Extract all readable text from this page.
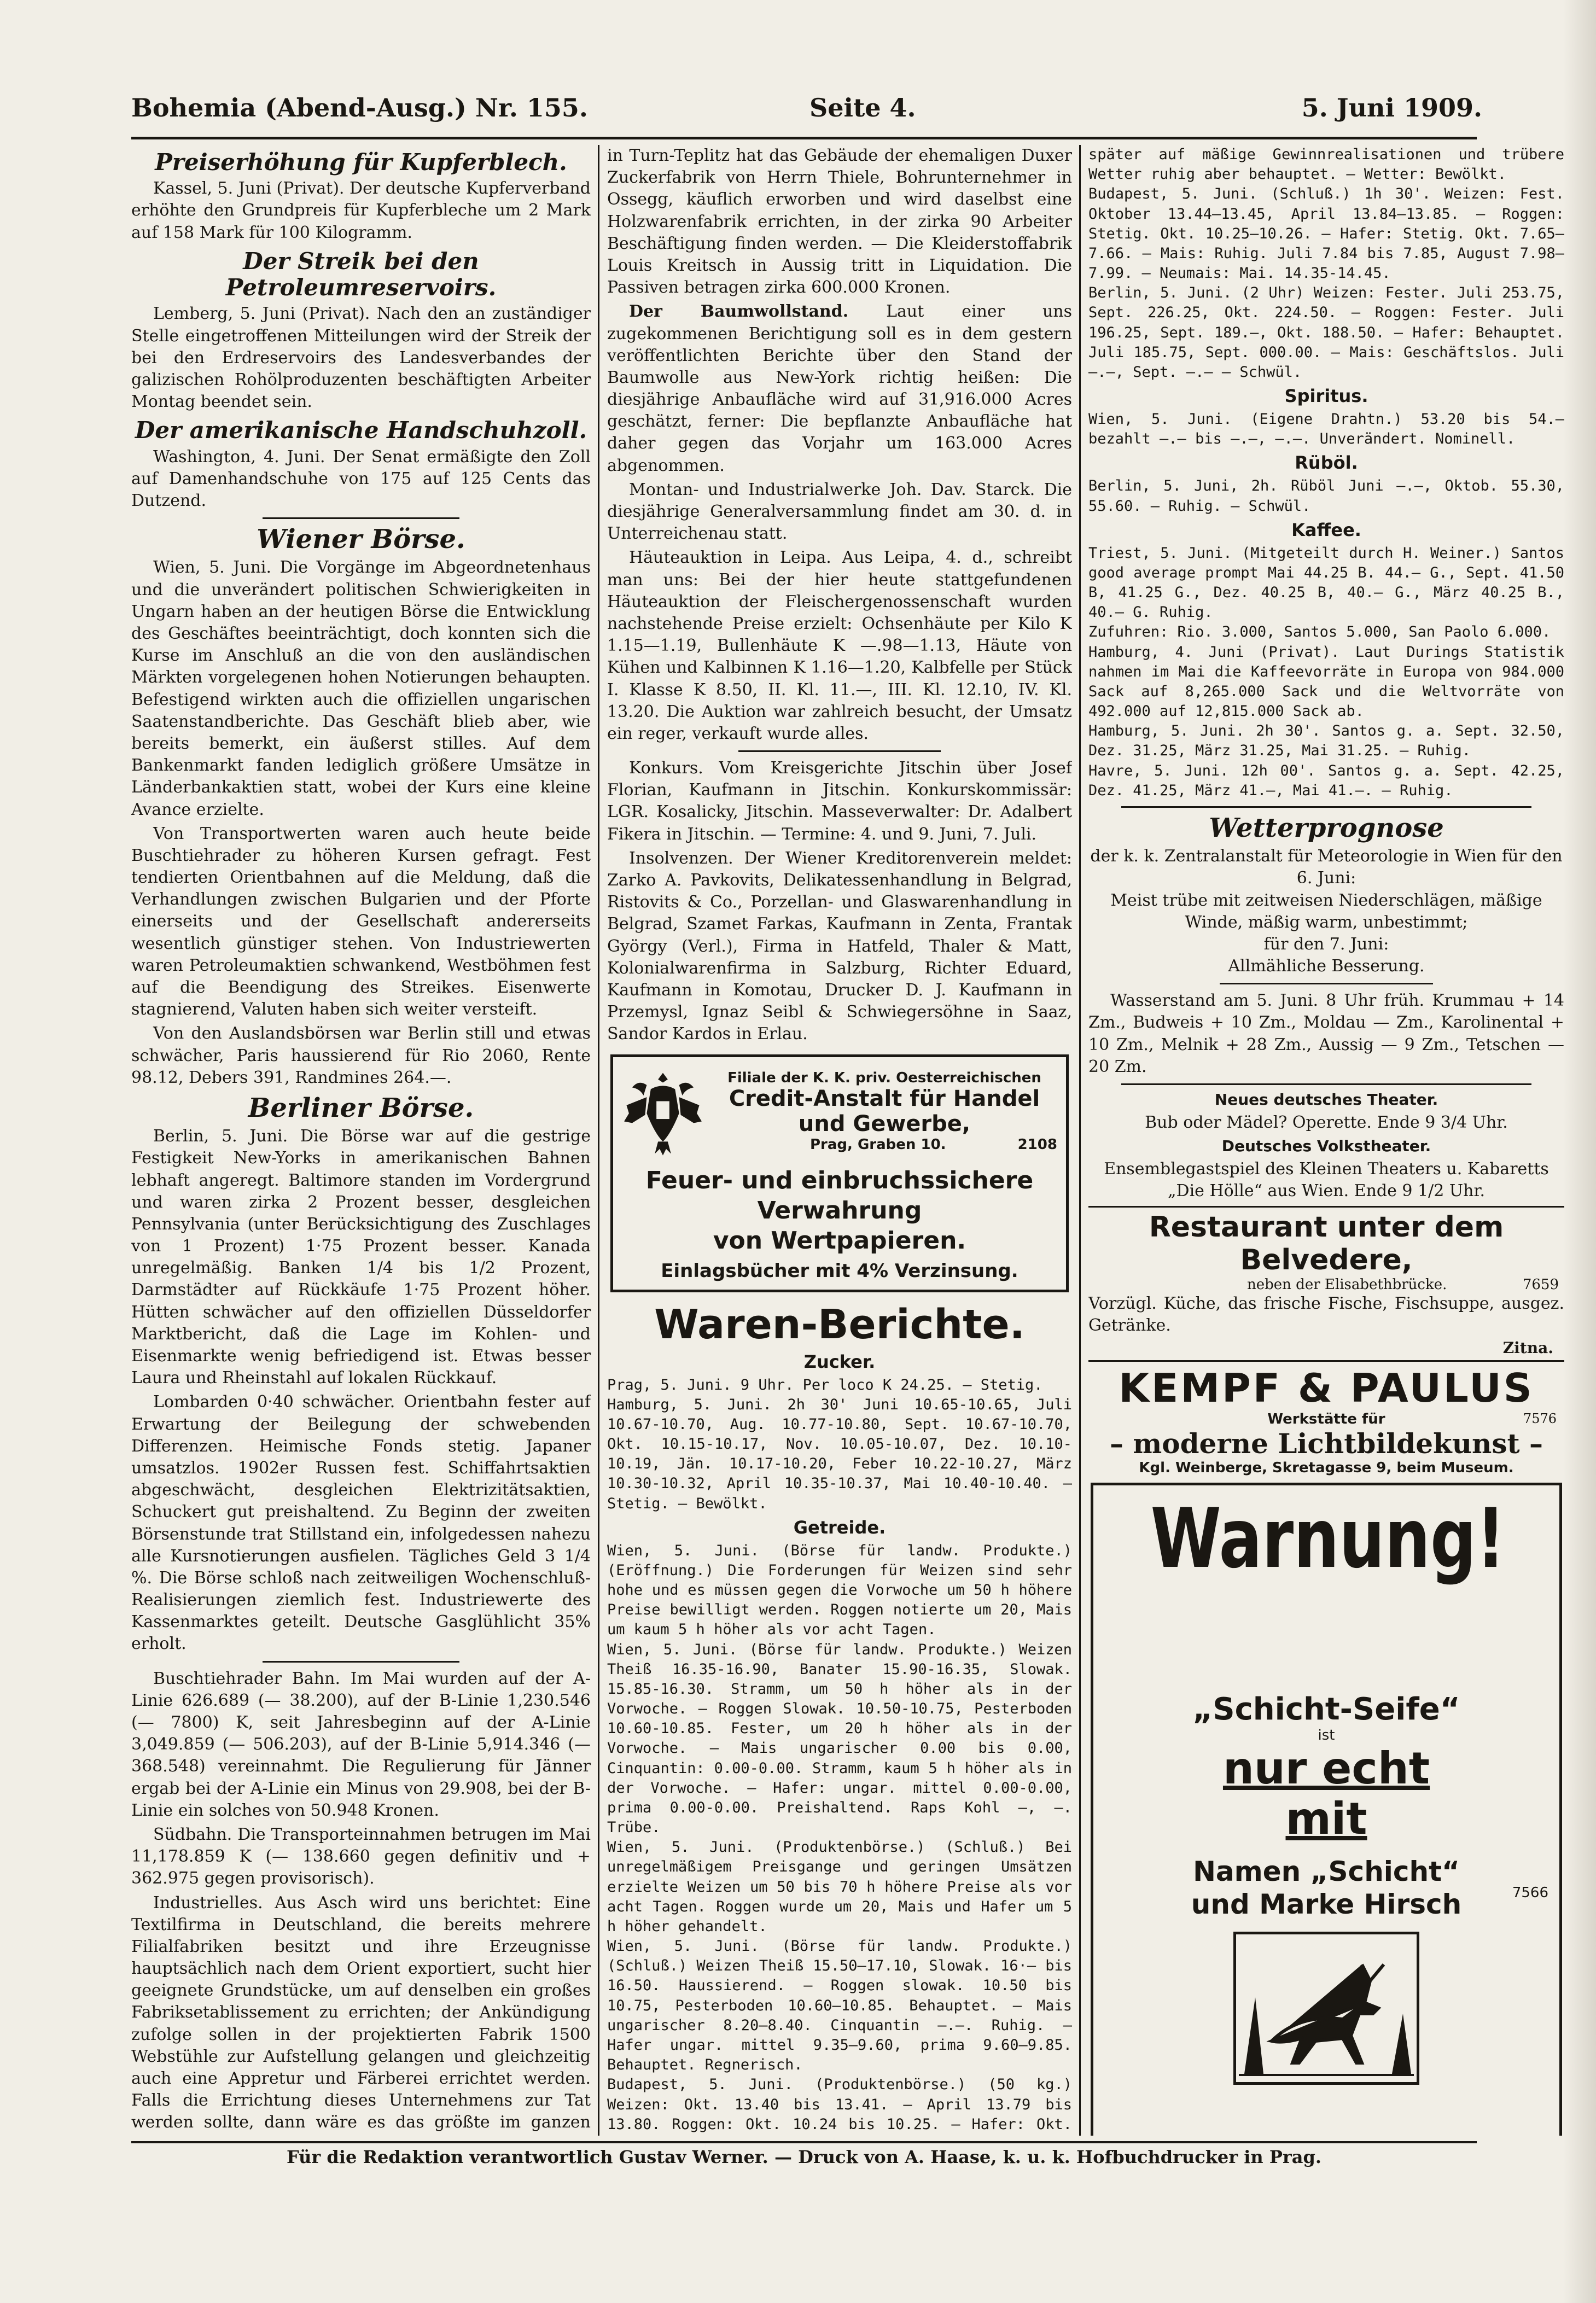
Bohemia (Abend-Ausg.) Nr. 155.	Seite 4.	5. Juni 1909.
Preiserhöhung für Kupferblech.
Kassel, 5. Juni (Privat). Der deutsche Kupferverband erhöhte den Grundpreis für Kupferbleche um 2 Mark auf 158 Mark für 100 Kilogramm.
Der Streik bei den Petroleumreservoirs.
Lemberg, 5. Juni (Privat). Nach den an zuständiger Stelle eingetroffenen Mitteilungen wird der Streik der bei den Erdreservoirs des Landesverbandes der galizischen Rohölproduzenten beschäftigten Arbeiter Montag beendet sein.
Der amerikanische Handschuhzoll.
Washington, 4. Juni. Der Senat ermäßigte den Zoll auf Damenhandschuhe von 175 auf 125 Cents das Dutzend.
Wiener Börse.
Wien, 5. Juni. Die Vorgänge im Abgeordnetenhaus und die unverändert politischen Schwierigkeiten in Ungarn haben an der heutigen Börse die Entwicklung des Geschäftes beeinträchtigt, doch konnten sich die Kurse im Anschluß an die von den ausländischen Märkten vorgelegenen hohen Notierungen behaupten. Befestigend wirkten auch die offiziellen ungarischen Saatenstandberichte. Das Geschäft blieb aber, wie bereits bemerkt, ein äußerst stilles. Auf dem Bankenmarkt fanden lediglich größere Umsätze in Länderbankaktien statt, wobei der Kurs eine kleine Avance erzielte.
Von Transportwerten waren auch heute beide Buschtiehrader zu höheren Kursen gefragt. Fest tendierten Orientbahnen auf die Meldung, daß die Verhandlungen zwischen Bulgarien und der Pforte einerseits und der Gesellschaft andererseits wesentlich günstiger stehen. Von Industriewerten waren Petroleumaktien schwankend, Westböhmen fest auf die Beendigung des Streikes. Eisenwerte stagnierend, Valuten haben sich weiter versteift.
Von den Auslandsbörsen war Berlin still und etwas schwächer, Paris haussierend für Rio 2060, Rente 98.12, Debers 391, Randmines 264.—.
Berliner Börse.
Berlin, 5. Juni. Die Börse war auf die gestrige Festigkeit New-Yorks in amerikanischen Bahnen lebhaft angeregt. Baltimore standen im Vordergrund und waren zirka 2 Prozent besser, desgleichen Pennsylvania (unter Berücksichtigung des Zuschlages von 1 Prozent) 1·75 Prozent besser. Kanada unregelmäßig. Banken 1/4 bis 1/2 Prozent, Darmstädter auf Rückkäufe 1·75 Prozent höher. Hütten schwächer auf den offiziellen Düsseldorfer Marktbericht, daß die Lage im Kohlen- und Eisenmarkte wenig befriedigend ist. Etwas besser Laura und Rheinstahl auf lokalen Rückkauf.
Lombarden 0·40 schwächer. Orientbahn fester auf Erwartung der Beilegung der schwebenden Differenzen. Heimische Fonds stetig. Japaner umsatzlos. 1902er Russen fest. Schiffahrtsaktien abgeschwächt, desgleichen Elektrizitätsaktien, Schuckert gut preishaltend. Zu Beginn der zweiten Börsenstunde trat Stillstand ein, infolgedessen nahezu alle Kursnotierungen ausfielen. Tägliches Geld 3 1/4 %. Die Börse schloß nach zeitweiligen Wochenschluß-Realisierungen ziemlich fest. Industriewerte des Kassenmarktes geteilt. Deutsche Gasglühlicht 35% erholt.
Buschtiehrader Bahn. Im Mai wurden auf der A-Linie 626.689 (— 38.200), auf der B-Linie 1,230.546 (— 7800) K, seit Jahresbeginn auf der A-Linie 3,049.859 (— 506.203), auf der B-Linie 5,914.346 (— 368.548) vereinnahmt. Die Regulierung für Jänner ergab bei der A-Linie ein Minus von 29.908, bei der B-Linie ein solches von 50.948 Kronen.
Südbahn. Die Transporteinnahmen betrugen im Mai 11,178.859 K (— 138.660 gegen definitiv und + 362.975 gegen provisorisch).
Industrielles. Aus Asch wird uns berichtet: Eine Textilfirma in Deutschland, die bereits mehrere Filialfabriken besitzt und ihre Erzeugnisse hauptsächlich nach dem Orient exportiert, sucht hier geeignete Grundstücke, um auf denselben ein großes Fabriksetablissement zu errichten; der Ankündigung zufolge sollen in der projektierten Fabrik 1500 Webstühle zur Aufstellung gelangen und gleichzeitig auch eine Appretur und Färberei errichtet werden. Falls die Errichtung dieses Unternehmens zur Tat werden sollte, dann wäre es das größte im ganzen
in Turn-Teplitz hat das Gebäude der ehemaligen Duxer Zuckerfabrik von Herrn Thiele, Bohrunternehmer in Ossegg, käuflich erworben und wird daselbst eine Holzwarenfabrik errichten, in der zirka 90 Arbeiter Beschäftigung finden werden. — Die Kleiderstoffabrik Louis Kreitsch in Aussig tritt in Liquidation. Die Passiven betragen zirka 600.000 Kronen.
Der Baumwollstand. Laut einer uns zugekommenen Berichtigung soll es in dem gestern veröffentlichten Berichte über den Stand der Baumwolle aus New-York richtig heißen: Die diesjährige Anbaufläche wird auf 31,916.000 Acres geschätzt, ferner: Die bepflanzte Anbaufläche hat daher gegen das Vorjahr um 163.000 Acres abgenommen.
Montan- und Industrialwerke Joh. Dav. Starck. Die diesjährige Generalversammlung findet am 30. d. in Unterreichenau statt.
Häuteauktion in Leipa. Aus Leipa, 4. d., schreibt man uns: Bei der hier heute stattgefundenen Häuteauktion der Fleischergenossenschaft wurden nachstehende Preise erzielt: Ochsenhäute per Kilo K 1.15—1.19, Bullenhäute K —.98—1.13, Häute von Kühen und Kalbinnen K 1.16—1.20, Kalbfelle per Stück I. Klasse K 8.50, II. Kl. 11.—, III. Kl. 12.10, IV. Kl. 13.20. Die Auktion war zahlreich besucht, der Umsatz ein reger, verkauft wurde alles.
Konkurs. Vom Kreisgerichte Jitschin über Josef Florian, Kaufmann in Jitschin. Konkurskommissär: LGR. Kosalicky, Jitschin. Masseverwalter: Dr. Adalbert Fikera in Jitschin. — Termine: 4. und 9. Juni, 7. Juli.
Insolvenzen. Der Wiener Kreditorenverein meldet: Zarko A. Pavkovits, Delikatessenhandlung in Belgrad, Ristovits & Co., Porzellan- und Glaswarenhandlung in Belgrad, Szamet Farkas, Kaufmann in Zenta, Frantak György (Verl.), Firma in Hatfeld, Thaler & Matt, Kolonialwarenfirma in Salzburg, Richter Eduard, Kaufmann in Komotau, Drucker D. J. Kaufmann in Przemysl, Ignaz Seibl & Schwiegersöhne in Saaz, Sandor Kardos in Erlau.
Filiale der K. K. priv. Oesterreichischen
Credit-Anstalt für Handel und Gewerbe,
Prag, Graben 10.	2108
Feuer- und einbruchssichere Verwahrung
von Wertpapieren.
Einlagsbücher mit 4% Verzinsung.
Waren-Berichte.
Zucker.
Prag, 5. Juni. 9 Uhr. Per loco K 24.25. — Stetig.
Hamburg, 5. Juni. 2h 30' Juni 10.65-10.65, Juli 10.67-10.70, Aug. 10.77-10.80, Sept. 10.67-10.70, Okt. 10.15-10.17, Nov. 10.05-10.07, Dez. 10.10-10.19, Jän. 10.17-10.20, Feber 10.22-10.27, März 10.30-10.32, April 10.35-10.37, Mai 10.40-10.40. — Stetig. — Bewölkt.
Getreide.
Wien, 5. Juni. (Börse für landw. Produkte.) (Eröffnung.) Die Forderungen für Weizen sind sehr hohe und es müssen gegen die Vorwoche um 50 h höhere Preise bewilligt werden. Roggen notierte um 20, Mais um kaum 5 h höher als vor acht Tagen.
Wien, 5. Juni. (Börse für landw. Produkte.) Weizen Theiß 16.35-16.90, Banater 15.90-16.35, Slowak. 15.85-16.30. Stramm, um 50 h höher als in der Vorwoche. — Roggen Slowak. 10.50-10.75, Pesterboden 10.60-10.85. Fester, um 20 h höher als in der Vorwoche. — Mais ungarischer 0.00 bis 0.00, Cinquantin: 0.00-0.00. Stramm, kaum 5 h höher als in der Vorwoche. — Hafer: ungar. mittel 0.00-0.00, prima 0.00-0.00. Preishaltend. Raps Kohl —, —. Trübe.
Wien, 5. Juni. (Produktenbörse.) (Schluß.) Bei unregelmäßigem Preisgange und geringen Umsätzen erzielte Weizen um 50 bis 70 h höhere Preise als vor acht Tagen. Roggen wurde um 20, Mais und Hafer um 5 h höher gehandelt.
Wien, 5. Juni. (Börse für landw. Produkte.) (Schluß.) Weizen Theiß 15.50—17.10, Slowak. 16·— bis 16.50. Haussierend. — Roggen slowak. 10.50 bis 10.75, Pesterboden 10.60—10.85. Behauptet. — Mais ungarischer 8.20—8.40. Cinquantin —.—. Ruhig. — Hafer ungar. mittel 9.35—9.60, prima 9.60—9.85. Behauptet. Regnerisch.
Budapest, 5. Juni. (Produktenbörse.) (50 kg.) Weizen: Okt. 13.40 bis 13.41. — April 13.79 bis 13.80. Roggen: Okt. 10.24 bis 10.25. — Hafer: Okt.
später auf mäßige Gewinnrealisationen und trübere Wetter ruhig aber behauptet. — Wetter: Bewölkt.
Budapest, 5. Juni. (Schluß.) 1h 30'. Weizen: Fest. Oktober 13.44—13.45, April 13.84—13.85. — Roggen: Stetig. Okt. 10.25—10.26. — Hafer: Stetig. Okt. 7.65—7.66. — Mais: Ruhig. Juli 7.84 bis 7.85, August 7.98—7.99. — Neumais: Mai. 14.35-14.45.
Berlin, 5. Juni. (2 Uhr) Weizen: Fester. Juli 253.75, Sept. 226.25, Okt. 224.50. — Roggen: Fester. Juli 196.25, Sept. 189.—, Okt. 188.50. — Hafer: Behauptet. Juli 185.75, Sept. 000.00. — Mais: Geschäftslos. Juli —.—, Sept. —.— — Schwül.
Spiritus.
Wien, 5. Juni. (Eigene Drahtn.) 53.20 bis 54.— bezahlt —.— bis —.—, —.—. Unverändert. Nominell.
Rüböl.
Berlin, 5. Juni, 2h. Rüböl Juni —.—, Oktob. 55.30, 55.60. — Ruhig. — Schwül.
Kaffee.
Triest, 5. Juni. (Mitgeteilt durch H. Weiner.) Santos good average prompt Mai 44.25 B. 44.— G., Sept. 41.50 B, 41.25 G., Dez. 40.25 B, 40.— G., März 40.25 B., 40.— G. Ruhig.
Zufuhren: Rio. 3.000, Santos 5.000, San Paolo 6.000.
Hamburg, 4. Juni (Privat). Laut Durings Statistik nahmen im Mai die Kaffeevorräte in Europa von 984.000 Sack auf 8,265.000 Sack und die Weltvorräte von 492.000 auf 12,815.000 Sack ab.
Hamburg, 5. Juni. 2h 30'. Santos g. a. Sept. 32.50, Dez. 31.25, März 31.25, Mai 31.25. — Ruhig.
Havre, 5. Juni. 12h 00'. Santos g. a. Sept. 42.25, Dez. 41.25, März 41.—, Mai 41.—. — Ruhig.
Wetterprognose
der k. k. Zentralanstalt für Meteorologie in Wien für den 6. Juni:
Meist trübe mit zeitweisen Niederschlägen, mäßige Winde, mäßig warm, unbestimmt;
für den 7. Juni:
Allmähliche Besserung.
Wasserstand am 5. Juni. 8 Uhr früh. Krummau + 14 Zm., Budweis + 10 Zm., Moldau — Zm., Karolinental + 10 Zm., Melnik + 28 Zm., Aussig — 9 Zm., Tetschen — 20 Zm.
Neues deutsches Theater.
Bub oder Mädel? Operette. Ende 9 3/4 Uhr.
Deutsches Volkstheater.
Ensemblegastspiel des Kleinen Theaters u. Kabaretts „Die Hölle“ aus Wien. Ende 9 1/2 Uhr.
Restaurant unter dem Belvedere,
neben der Elisabethbrücke.	7659
Vorzügl. Küche, das frische Fische, Fischsuppe, ausgez. Getränke.
Zitna.
KEMPF & PAULUS
Werkstätte für	7576
– moderne Lichtbildekunst –
Kgl. Weinberge, Skretagasse 9, beim Museum.
Warnung!
„Schicht-Seife“
ist
7566
nur echt
mit
Namen „Schicht“
und Marke Hirsch
Für die Redaktion verantwortlich Gustav Werner. — Druck von A. Haase, k. u. k. Hofbuchdrucker in Prag.
